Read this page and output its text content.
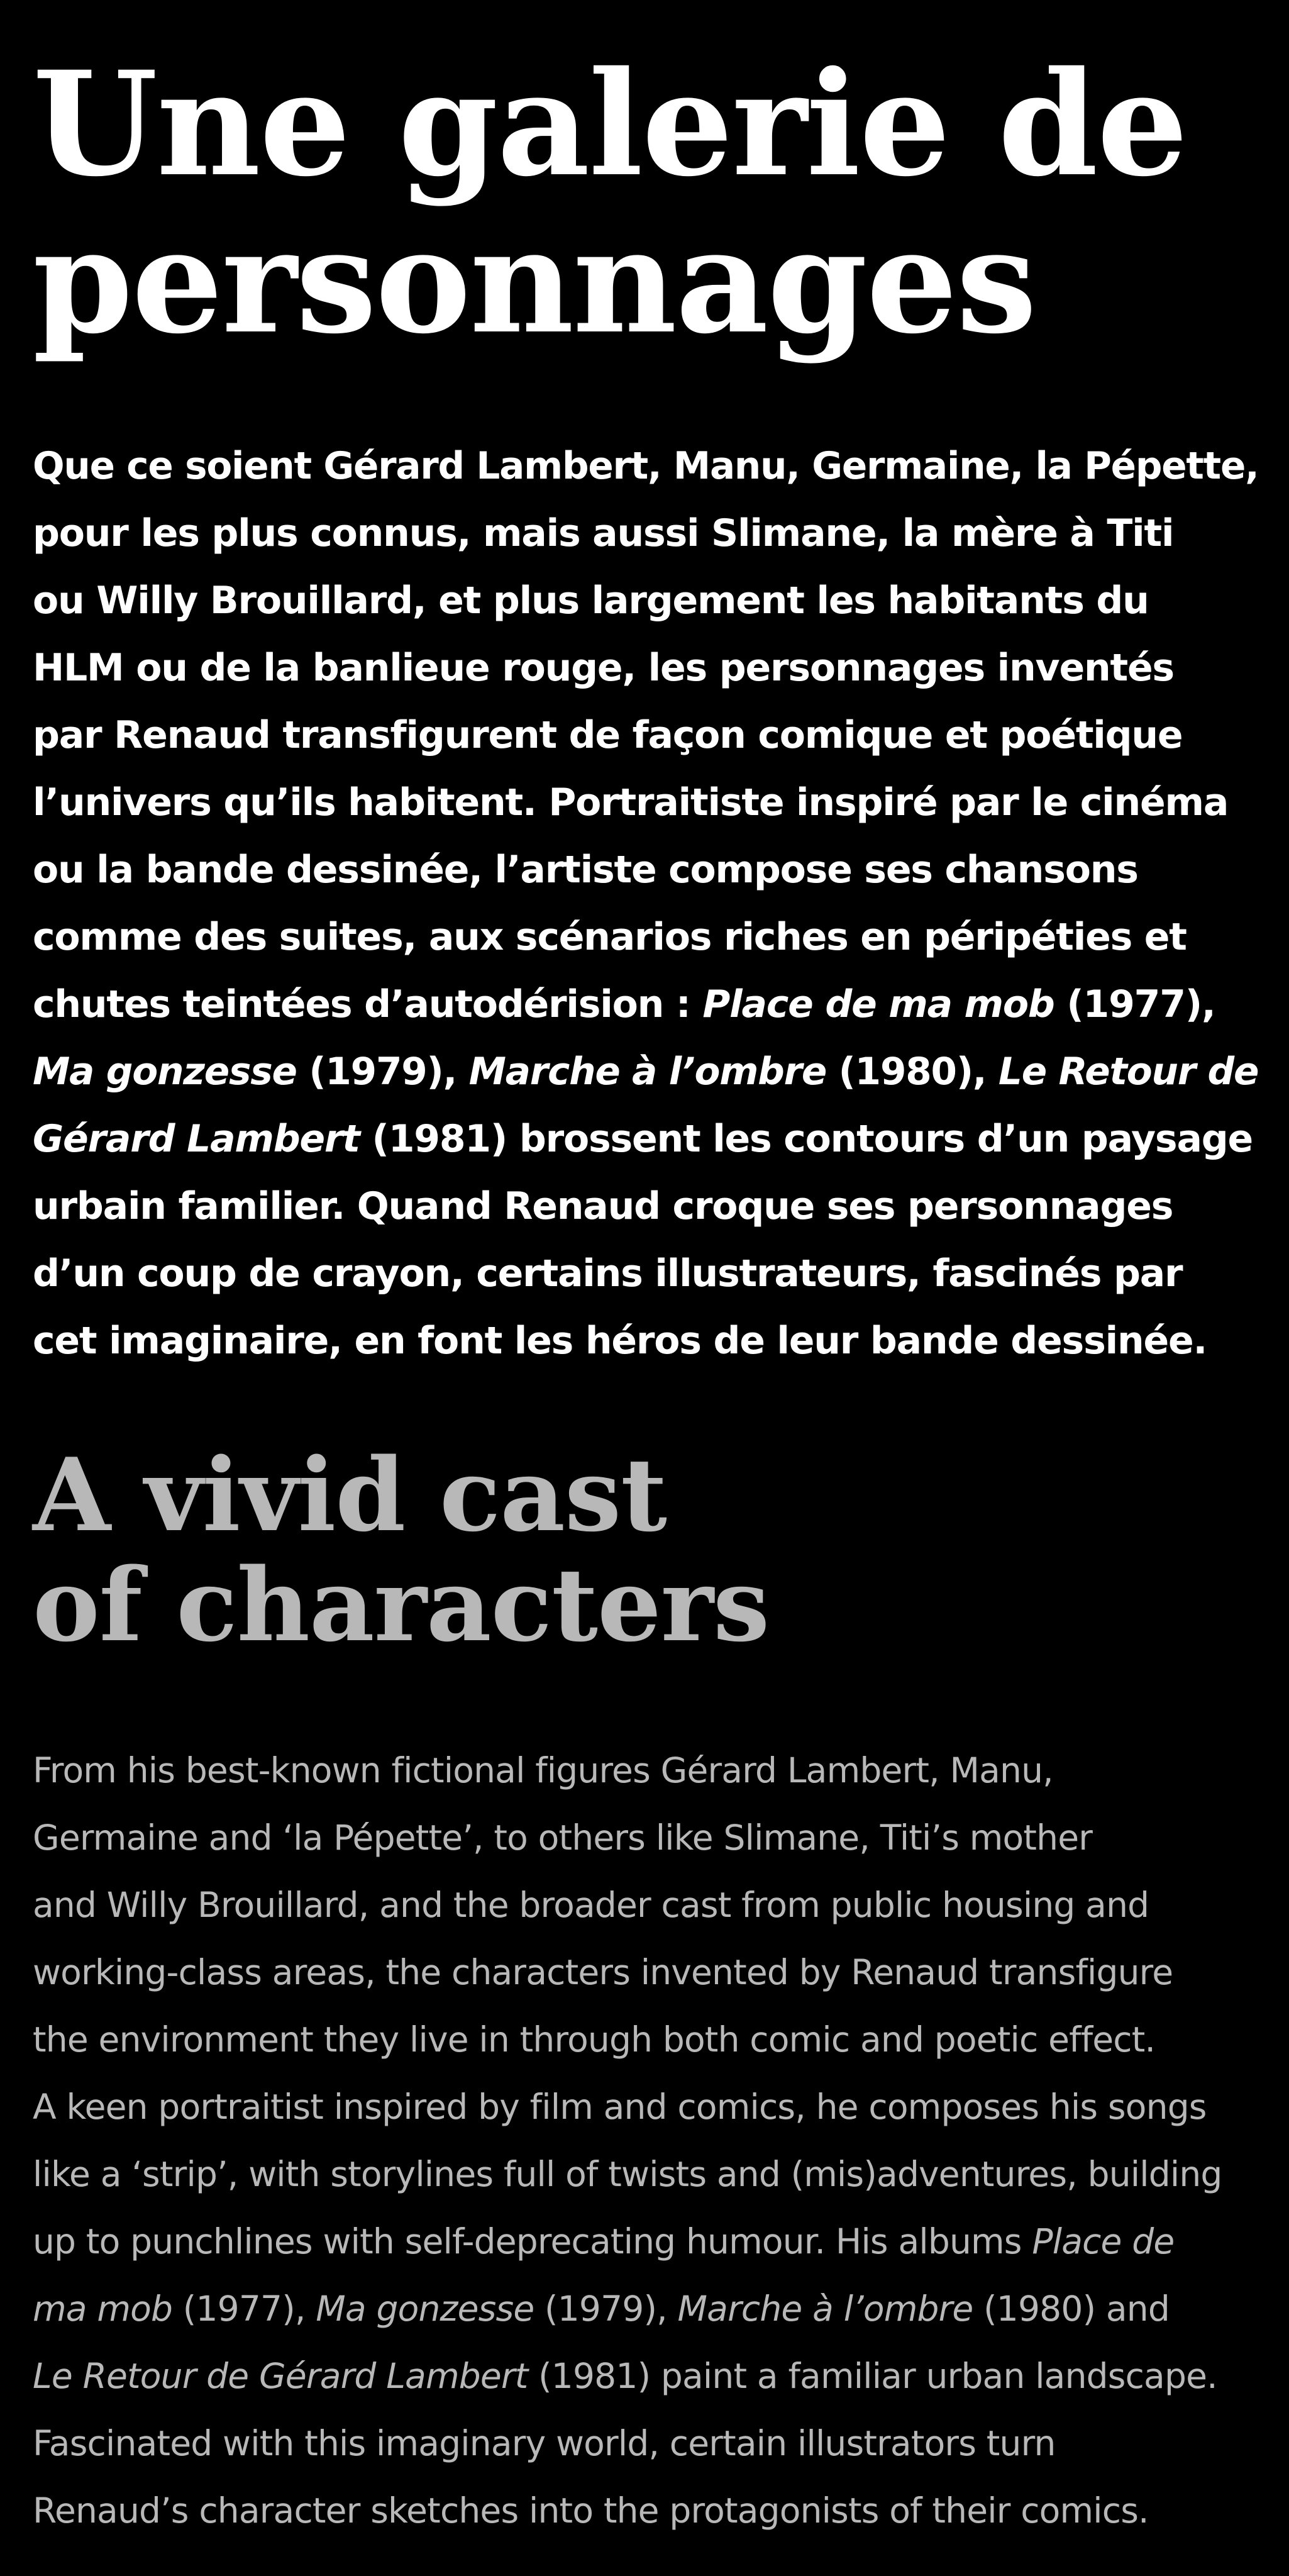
Une galerie de
personnages

Que ce soient Gérard Lambert, Manu, Germaine, la Pépette,
pour les plus connus, mais aussi Slimane, la mère à Titi
ou Willy Brouillard, et plus largement les habitants du
HLM ou de la banlieue rouge, les personnages inventés
par Renaud transfigurent de façon comique et poétique
l’univers qu’ils habitent. Portraitiste inspiré par le cinéma
ou la bande dessinée, l’artiste compose ses chansons
comme des suites, aux scénarios riches en péripéties et
chutes teintées d’autodérision : Place de ma mob (1977),
Ma gonzesse (1979), Marche à l’ombre (1980), Le Retour de
Gérard Lambert (1981) brossent les contours d’un paysage
urbain familier. Quand Renaud croque ses personnages
d’un coup de crayon, certains illustrateurs, fascinés par
cet imaginaire, en font les héros de leur bande dessinée.

A vivid cast
of characters

From his best-known fictional figures Gérard Lambert, Manu,
Germaine and ‘la Pépette’, to others like Slimane, Titi’s mother
and Willy Brouillard, and the broader cast from public housing and
working-class areas, the characters invented by Renaud transfigure
the environment they live in through both comic and poetic effect.
A keen portraitist inspired by film and comics, he composes his songs
like a ‘strip’, with storylines full of twists and (mis)adventures, building
up to punchlines with self-deprecating humour. His albums Place de
ma mob (1977), Ma gonzesse (1979), Marche à l’ombre (1980) and
Le Retour de Gérard Lambert (1981) paint a familiar urban landscape.
Fascinated with this imaginary world, certain illustrators turn
Renaud’s character sketches into the protagonists of their comics.
